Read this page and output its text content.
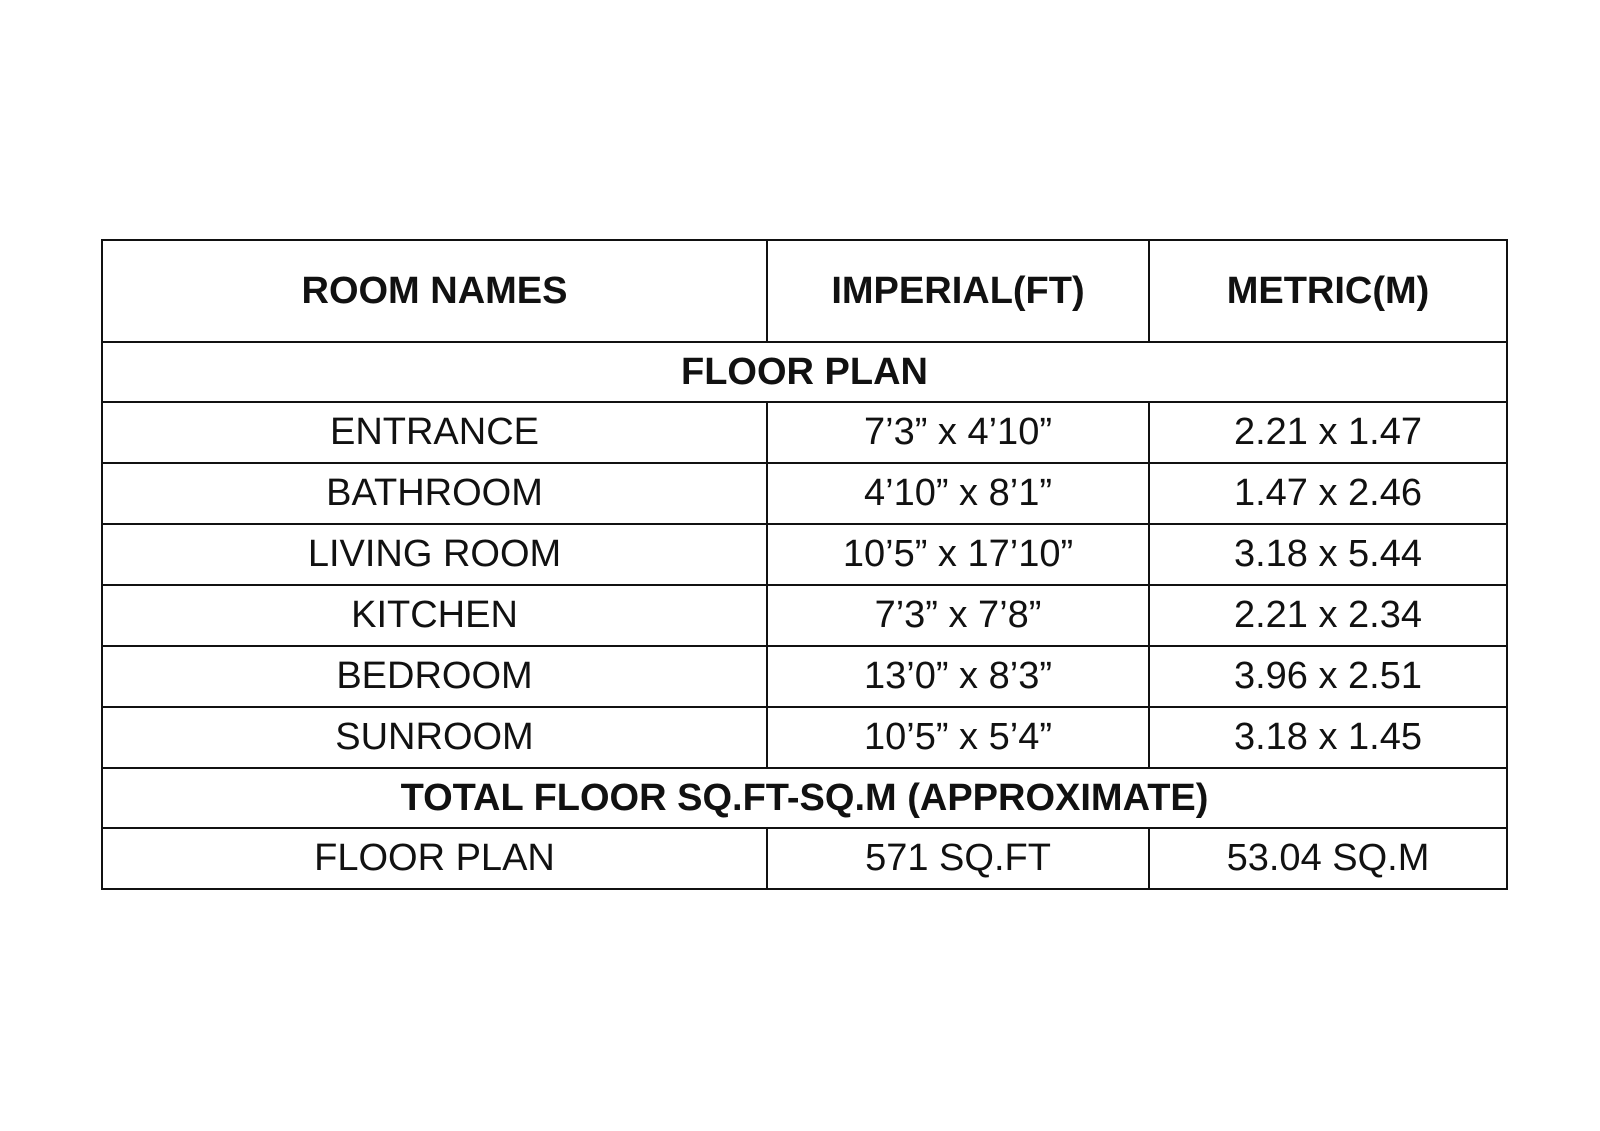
ROOM NAMES	IMPERIAL(FT)	METRIC(M)
FLOOR PLAN		
ENTRANCE	7’3” x 4’10”	2.21 x 1.47
BATHROOM	4’10” x 8’1”	1.47 x 2.46
LIVING ROOM	10’5” x 17’10”	3.18 x 5.44
KITCHEN	7’3” x 7’8”	2.21 x 2.34
BEDROOM	13’0” x 8’3”	3.96 x 2.51
SUNROOM	10’5” x 5’4”	3.18 x 1.45
TOTAL FLOOR SQ.FT-SQ.M (APPROXIMATE)		
FLOOR PLAN	571 SQ.FT	53.04 SQ.M
